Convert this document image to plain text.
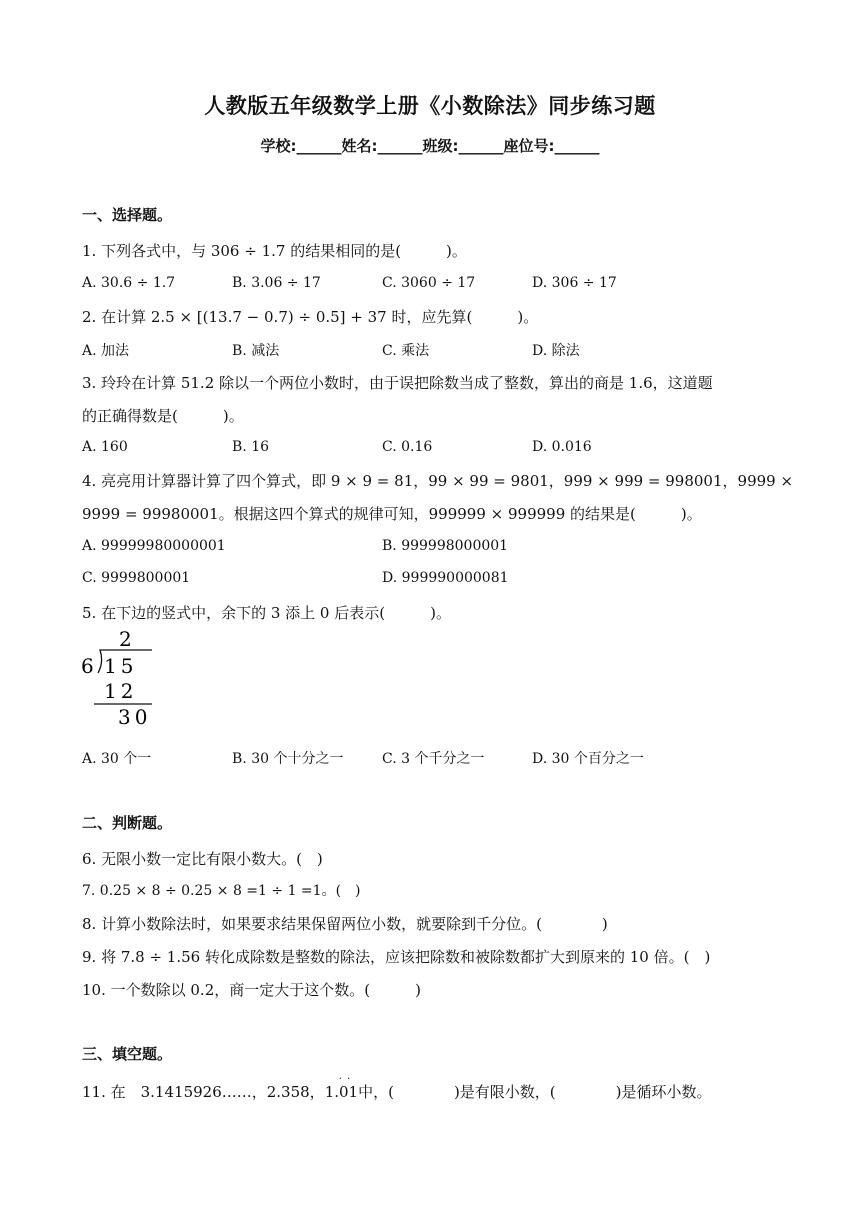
人教版五年级数学上册《小数除法》同步练习题
学校:______姓名:______班级:______座位号:______
一、选择题。
1. 下列各式中，与 306 ÷ 1.7 的结果相同的是(　　　)。
A. 30.6 ÷ 1.7	B. 3.06 ÷ 17	C. 3060 ÷ 17	D. 306 ÷ 17
2. 在计算 2.5 × [(13.7 − 0.7) ÷ 0.5] + 37 时，应先算(　　　)。
A. 加法	B. 减法	C. 乘法	D. 除法
3. 玲玲在计算 51.2 除以一个两位小数时，由于误把除数当成了整数，算出的商是 1.6，这道题
的正确得数是(　　　)。
A. 160	B. 16	C. 0.16	D. 0.016
4. 亮亮用计算器计算了四个算式，即 9 × 9 = 81，99 × 99 = 9801，999 × 999 = 998001，9999 ×
9999 = 99980001。根据这四个算式的规律可知，999999 × 999999 的结果是(　　　)。
A. 99999980000001	B. 999998000001
C. 9999800001	D. 999990000081
5. 在下边的竖式中，余下的 3 添上 0 后表示(　　　)。
2
6 15
12
30
A. 30 个一	B. 30 个十分之一	C. 3 个千分之一	D. 30 个百分之一
二、判断题。
6. 无限小数一定比有限小数大。(　)
7. 0.25 × 8 ÷ 0.25 × 8 =1 ÷ 1 =1。(　)
8. 计算小数除法时，如果要求结果保留两位小数，就要除到千分位。(　　　　)
9. 将 7.8 ÷ 1.56 转化成除数是整数的除法，应该把除数和被除数都扩大到原来的 10 倍。(　)
10. 一个数除以 0.2，商一定大于这个数。(　　　)
三、填空题。
11. 在　3.1415926……，2.358，
· ·
1.01中，(　　　　)是有限小数，(　　　　)是循环小数。
